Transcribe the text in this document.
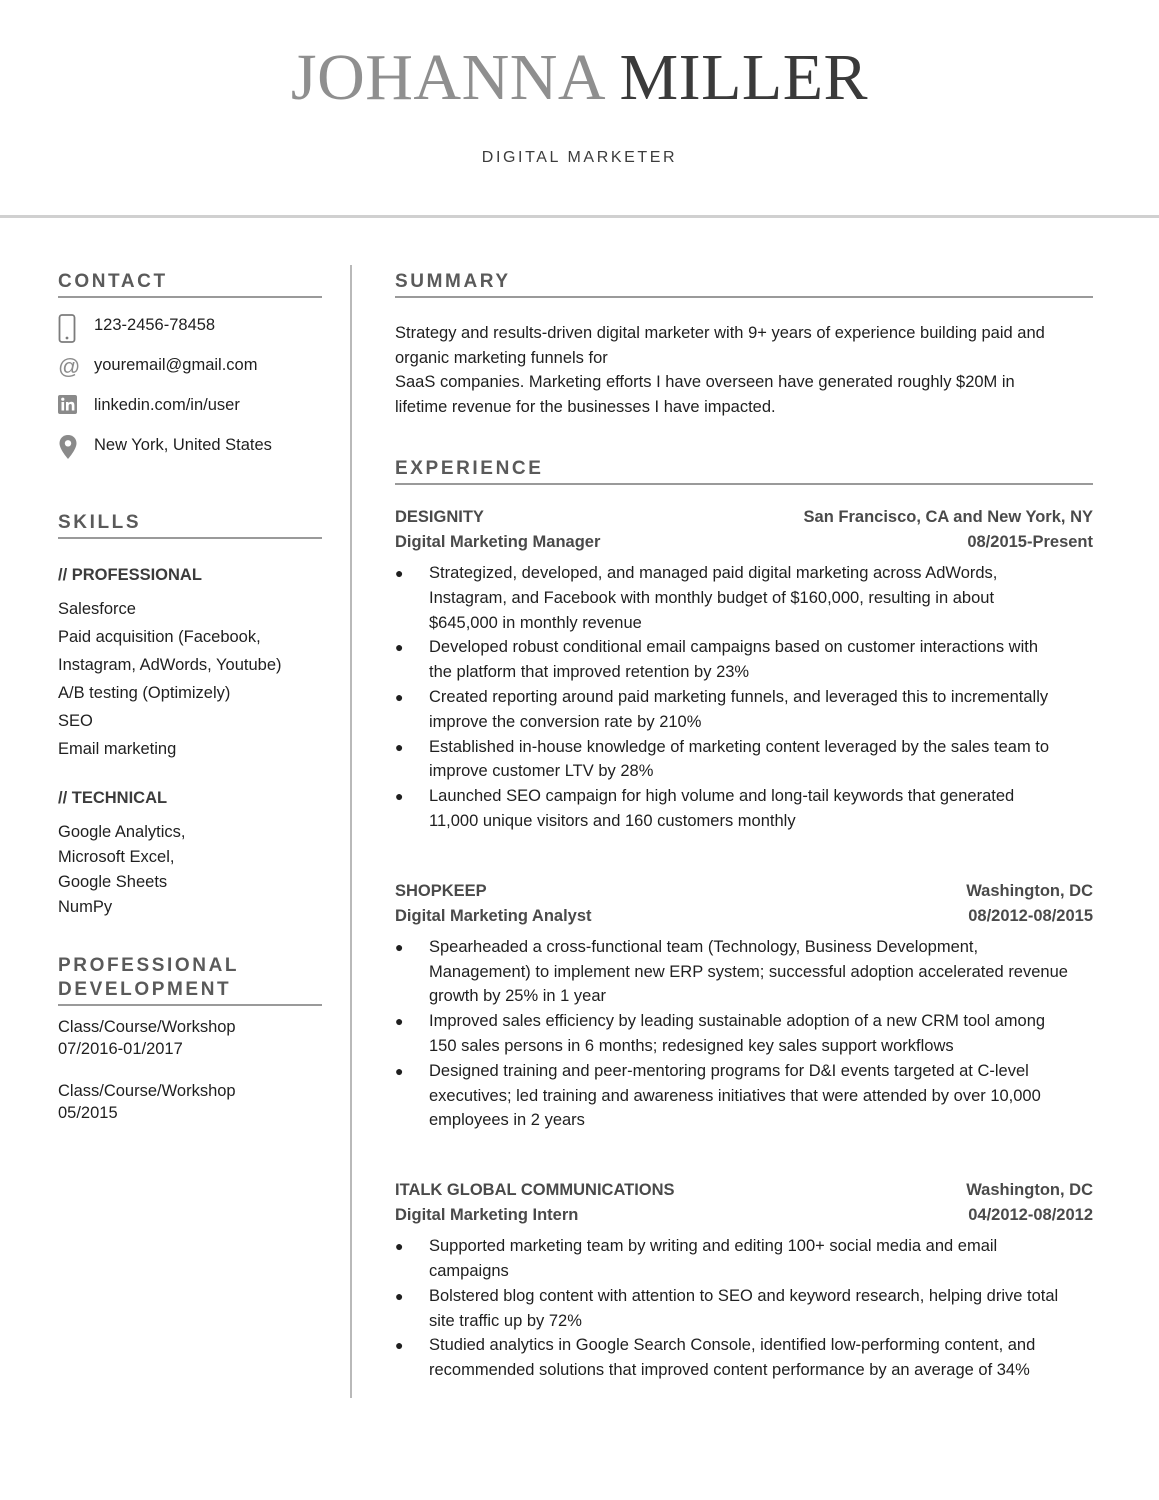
JOHANNA MILLER
DIGITAL MARKETER
CONTACT
123-2456-78458
@ youremail@gmail.com
linkedin.com/in/user
New York, United States
SKILLS
// PROFESSIONAL
Salesforce
Paid acquisition (Facebook,
Instagram, AdWords, Youtube)
A/B testing (Optimizely)
SEO
Email marketing
// TECHNICAL
Google Analytics,
Microsoft Excel,
Google Sheets
NumPy
PROFESSIONAL
DEVELOPMENT
Class/Course/Workshop
07/2016-01/2017
Class/Course/Workshop
05/2015
SUMMARY

Strategy and results-driven digital marketer with 9+ years of experience building paid and

organic marketing funnels for

SaaS companies. Marketing efforts I have overseen have generated roughly $20M in

lifetime revenue for the businesses I have impacted.

EXPERIENCE
DESIGNITY	San Francisco, CA and New York, NY
Digital Marketing Manager	08/2015-Present
● Strategized, developed, and managed paid digital marketing across AdWords,
Instagram, and Facebook with monthly budget of $160,000, resulting in about
$645,000 in monthly revenue
● Developed robust conditional email campaigns based on customer interactions with
the platform that improved retention by 23%
● Created reporting around paid marketing funnels, and leveraged this to incrementally
improve the conversion rate by 210%
● Established in-house knowledge of marketing content leveraged by the sales team to
improve customer LTV by 28%
● Launched SEO campaign for high volume and long-tail keywords that generated
11,000 unique visitors and 160 customers monthly
SHOPKEEP	Washington, DC
Digital Marketing Analyst	08/2012-08/2015
● Spearheaded a cross-functional team (Technology, Business Development,
Management) to implement new ERP system; successful adoption accelerated revenue
growth by 25% in 1 year
● Improved sales efficiency by leading sustainable adoption of a new CRM tool among
150 sales persons in 6 months; redesigned key sales support workflows
● Designed training and peer-mentoring programs for D&I events targeted at C-level
executives; led training and awareness initiatives that were attended by over 10,000
employees in 2 years
ITALK GLOBAL COMMUNICATIONS	Washington, DC
Digital Marketing Intern	04/2012-08/2012
● Supported marketing team by writing and editing 100+ social media and email
campaigns
● Bolstered blog content with attention to SEO and keyword research, helping drive total
site traffic up by 72%
● Studied analytics in Google Search Console, identified low-performing content, and
recommended solutions that improved content performance by an average of 34%
